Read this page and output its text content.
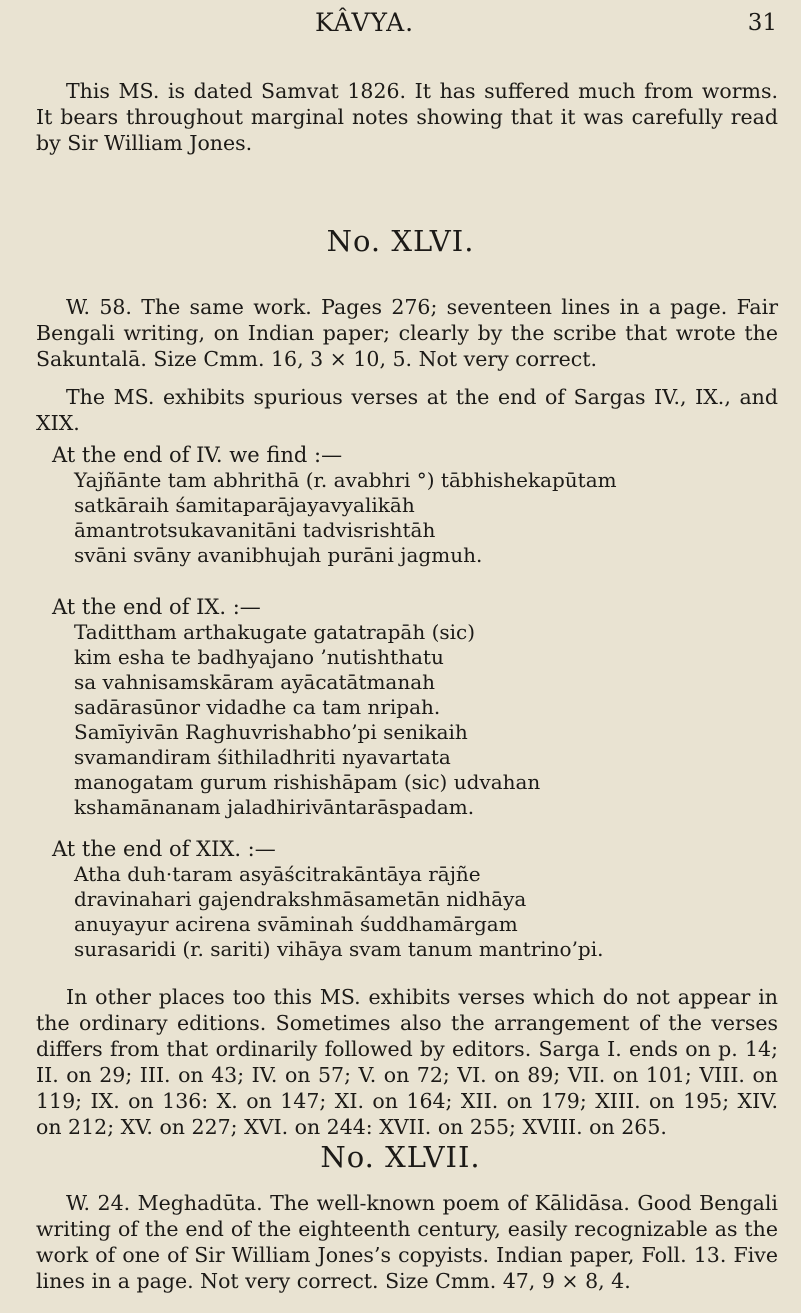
KÂVYA.	31

This MS. is dated Samvat 1826. It has suffered much from worms. It bears throughout marginal notes showing that it was carefully read by Sir William Jones.

No. XLVI.

W. 58. The same work. Pages 276; seventeen lines in a page. Fair Bengali writing, on Indian paper; clearly by the scribe that wrote the Sakuntalā. Size Cmm. 16, 3 × 10, 5. Not very correct.

The MS. exhibits spurious verses at the end of Sargas IV., IX., and XIX.

At the end of IV. we find :—

Yajñānte tam abhrithā (r. avabhri °) tābhishekapūtam
satkāraih śamitaparājayavyalikāh
āmantrotsukavanitāni tadvisrishtāh
svāni svāny avanibhujah purāni jagmuh.

At the end of IX. :—

Tadittham arthakugate gatatrapāh (sic)
kim esha te badhyajano ’nutishthatu
sa vahnisamskāram ayācatātmanah
sadārasūnor vidadhe ca tam nripah.
Samīyivān Raghuvrishabho’pi senikaih
svamandiram śithiladhriti nyavartata
manogatam gurum rishishāpam (sic) udvahan
kshamānanam jaladhirivāntarāspadam.

At the end of XIX. :—

Atha duh·taram asyāścitrakāntāya rājñe
dravinahari gajendrakshmāsametān nidhāya
anuyayur acirena svāminah śuddhamārgam
surasaridi (r. sariti) vihāya svam tanum mantrino’pi.

In other places too this MS. exhibits verses which do not appear in the ordinary editions. Sometimes also the arrangement of the verses differs from that ordinarily followed by editors. Sarga I. ends on p. 14; II. on 29; III. on 43; IV. on 57; V. on 72; VI. on 89; VII. on 101; VIII. on 119; IX. on 136: X. on 147; XI. on 164; XII. on 179; XIII. on 195; XIV. on 212; XV. on 227; XVI. on 244: XVII. on 255; XVIII. on 265.

No. XLVII.

W. 24. Meghadūta. The well-known poem of Kālidāsa. Good Bengali writing of the end of the eighteenth century, easily recognizable as the work of one of Sir William Jones’s copyists. Indian paper, Foll. 13. Five lines in a page. Not very correct. Size Cmm. 47, 9 × 8, 4.
